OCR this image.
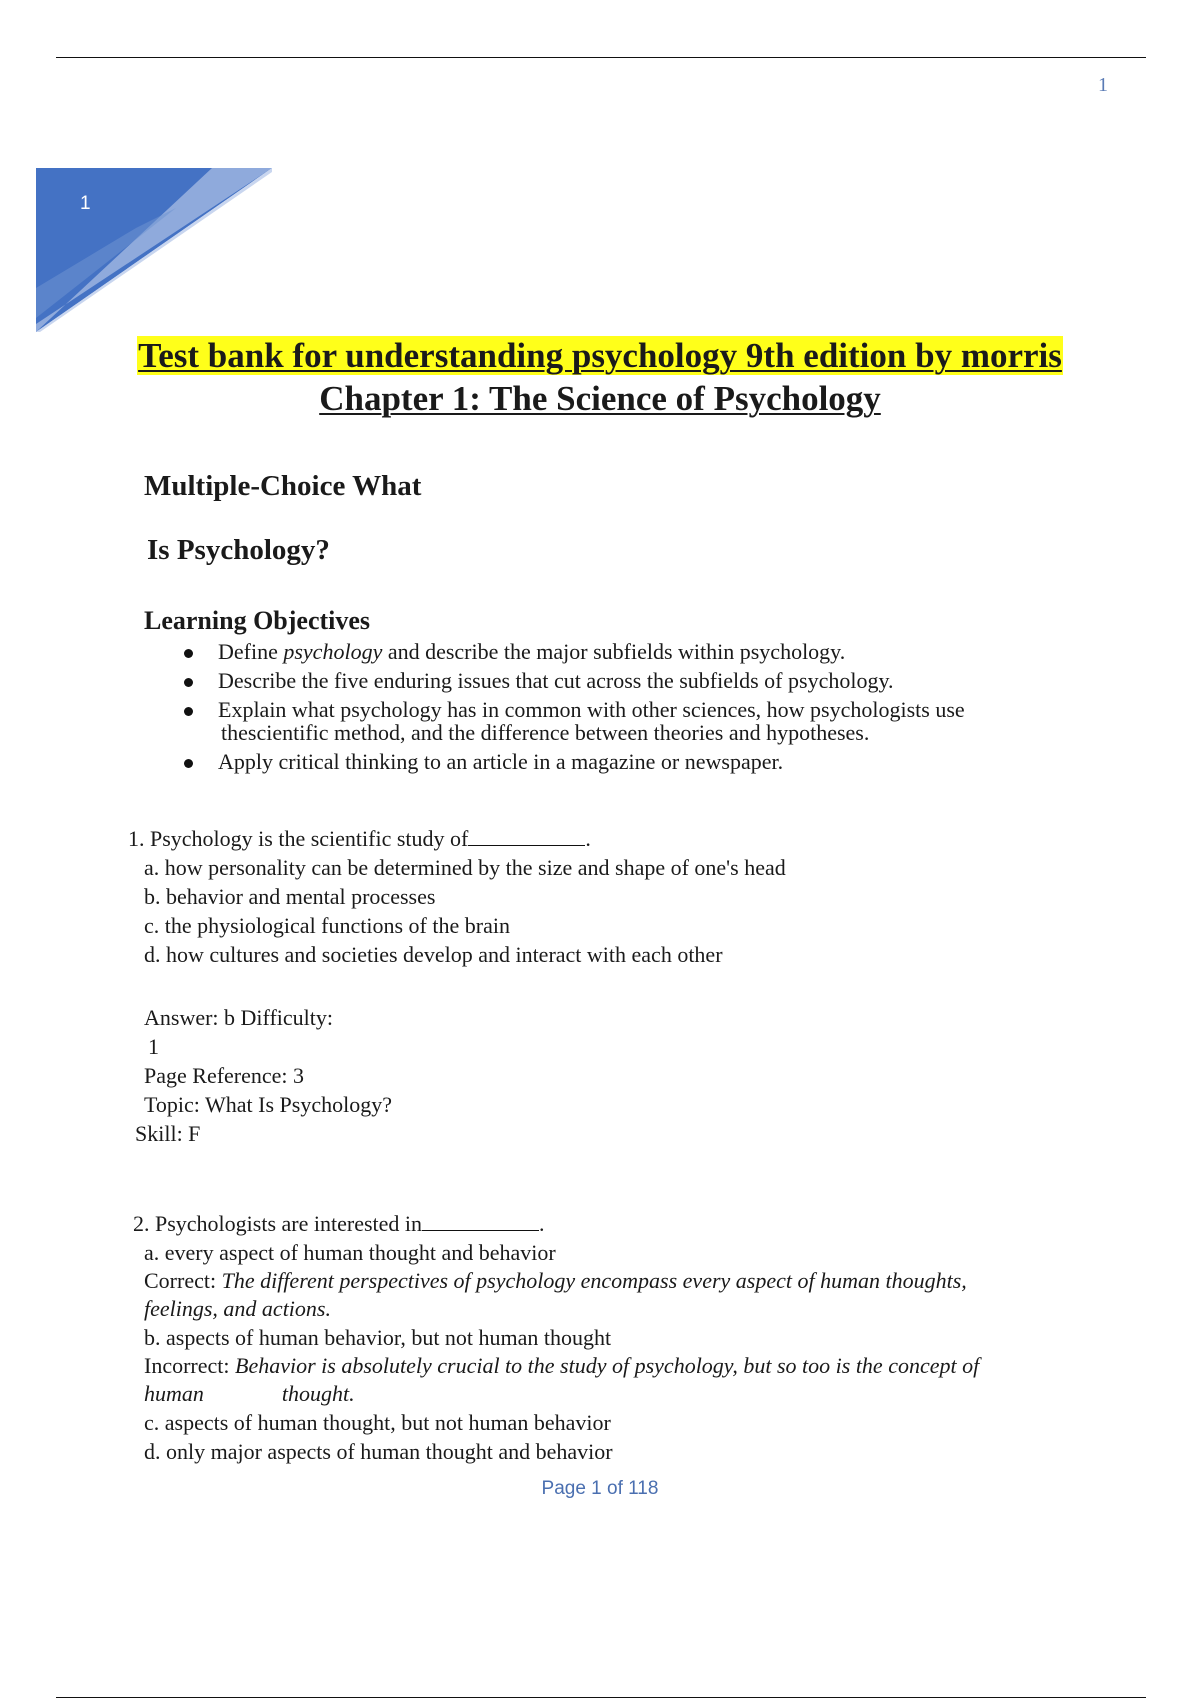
1
1
Test bank for understanding psychology 9th edition by morris
Chapter 1: The Science of Psychology
Multiple-Choice What
Is Psychology?
Learning Objectives
Define psychology and describe the major subfields within psychology.
Describe the five enduring issues that cut across the subfields of psychology.
Explain what psychology has in common with other sciences, how psychologists use
thescientific method, and the difference between theories and hypotheses.
Apply critical thinking to an article in a magazine or newspaper.
1. Psychology is the scientific study of	.
a. how personality can be determined by the size and shape of one's head
b. behavior and mental processes
c. the physiological functions of the brain
d. how cultures and societies develop and interact with each other
Answer: b Difficulty:
1
Page Reference: 3
Topic: What Is Psychology?
Skill: F
2. Psychologists are interested in	.
a. every aspect of human thought and behavior
Correct: The different perspectives of psychology encompass every aspect of human thoughts,
feelings, and actions.
b. aspects of human behavior, but not human thought
Incorrect: Behavior is absolutely crucial to the study of psychology, but so too is the concept of
human	thought.
c. aspects of human thought, but not human behavior
d. only major aspects of human thought and behavior
Page 1 of 118
